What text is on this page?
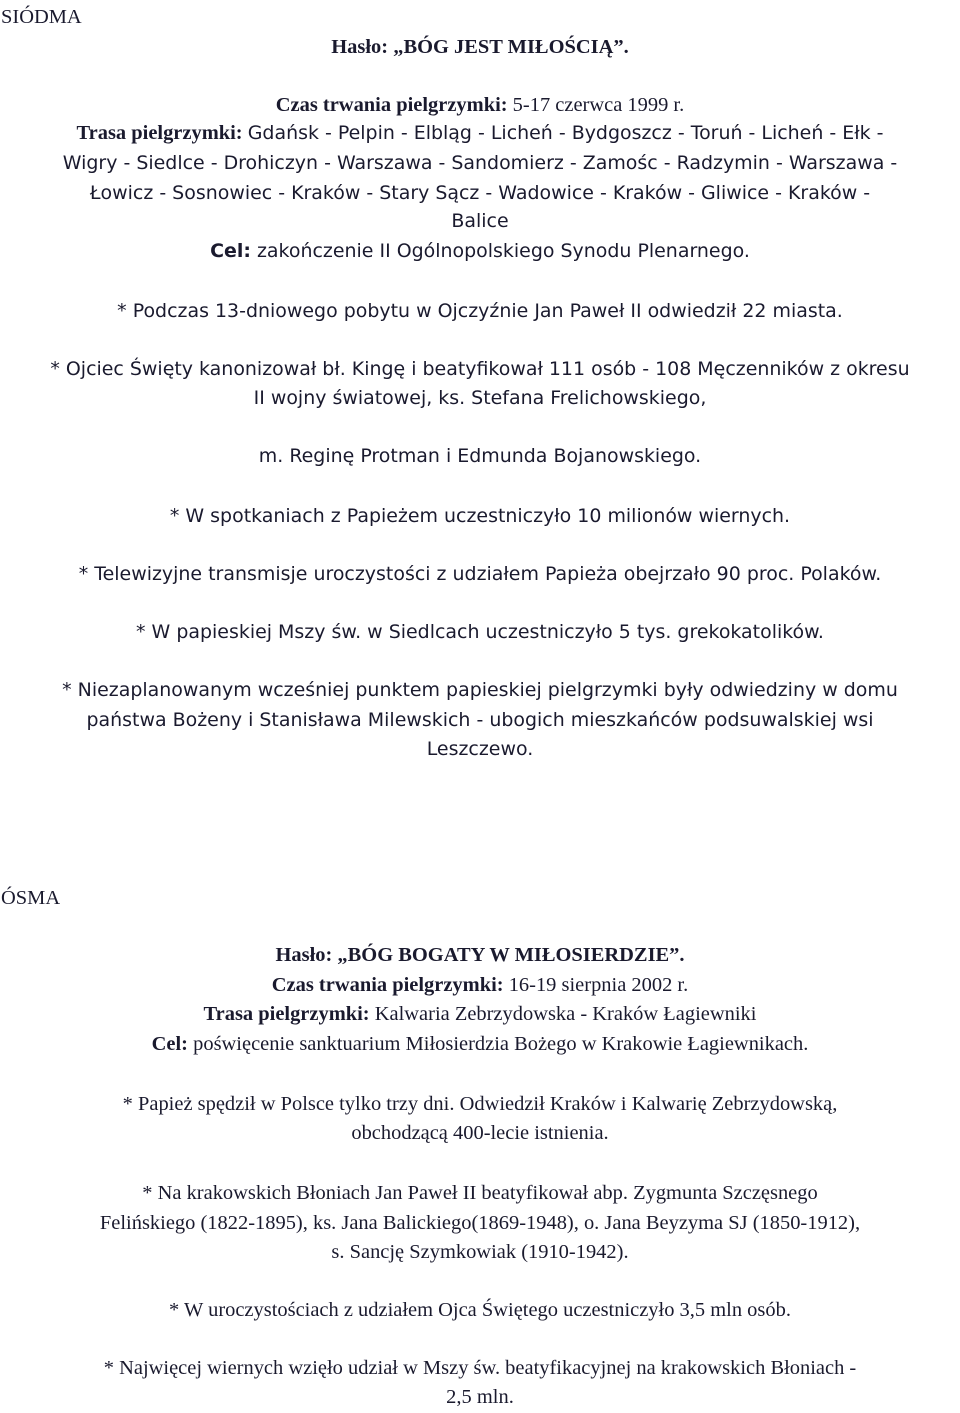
SIÓDMA
Hasło: „BÓG JEST MIŁOŚCIĄ”.
Czas trwania pielgrzymki: 5-17 czerwca 1999 r.
Trasa pielgrzymki: Gdańsk - Pelpin - Elbląg - Licheń - Bydgoszcz - Toruń - Licheń - Ełk -
Wigry - Siedlce - Drohiczyn - Warszawa - Sandomierz - Zamośc - Radzymin - Warszawa -
Łowicz - Sosnowiec - Kraków - Stary Sącz - Wadowice - Kraków - Gliwice - Kraków -
Balice
Cel: zakończenie II Ogólnopolskiego Synodu Plenarnego.
* Podczas 13-dniowego pobytu w Ojczyźnie Jan Paweł II odwiedził 22 miasta.
* Ojciec Święty kanonizował bł. Kingę i beatyfikował 111 osób - 108 Męczenników z okresu
II wojny światowej, ks. Stefana Frelichowskiego,
m. Reginę Protman i Edmunda Bojanowskiego.
* W spotkaniach z Papieżem uczestniczyło 10 milionów wiernych.
* Telewizyjne transmisje uroczystości z udziałem Papieża obejrzało 90 proc. Polaków.
* W papieskiej Mszy św. w Siedlcach uczestniczyło 5 tys. grekokatolików.
* Niezaplanowanym wcześniej punktem papieskiej pielgrzymki były odwiedziny w domu
państwa Bożeny i Stanisława Milewskich - ubogich mieszkańców podsuwalskiej wsi
Leszczewo.
ÓSMA
Hasło: „BÓG BOGATY W MIŁOSIERDZIE”.
Czas trwania pielgrzymki: 16-19 sierpnia 2002 r.
Trasa pielgrzymki: Kalwaria Zebrzydowska - Kraków Łagiewniki
Cel: poświęcenie sanktuarium Miłosierdzia Bożego w Krakowie Łagiewnikach.
* Papież spędził w Polsce tylko trzy dni. Odwiedził Kraków i Kalwarię Zebrzydowską,
obchodzącą 400-lecie istnienia.
* Na krakowskich Błoniach Jan Paweł II beatyfikował abp. Zygmunta Szczęsnego
Felińskiego (1822-1895), ks. Jana Balickiego(1869-1948), o. Jana Beyzyma SJ (1850-1912),
s. Sancję Szymkowiak (1910-1942).
* W uroczystościach z udziałem Ojca Świętego uczestniczyło 3,5 mln osób.
* Najwięcej wiernych wzięło udział w Mszy św. beatyfikacyjnej na krakowskich Błoniach -
2,5 mln.
